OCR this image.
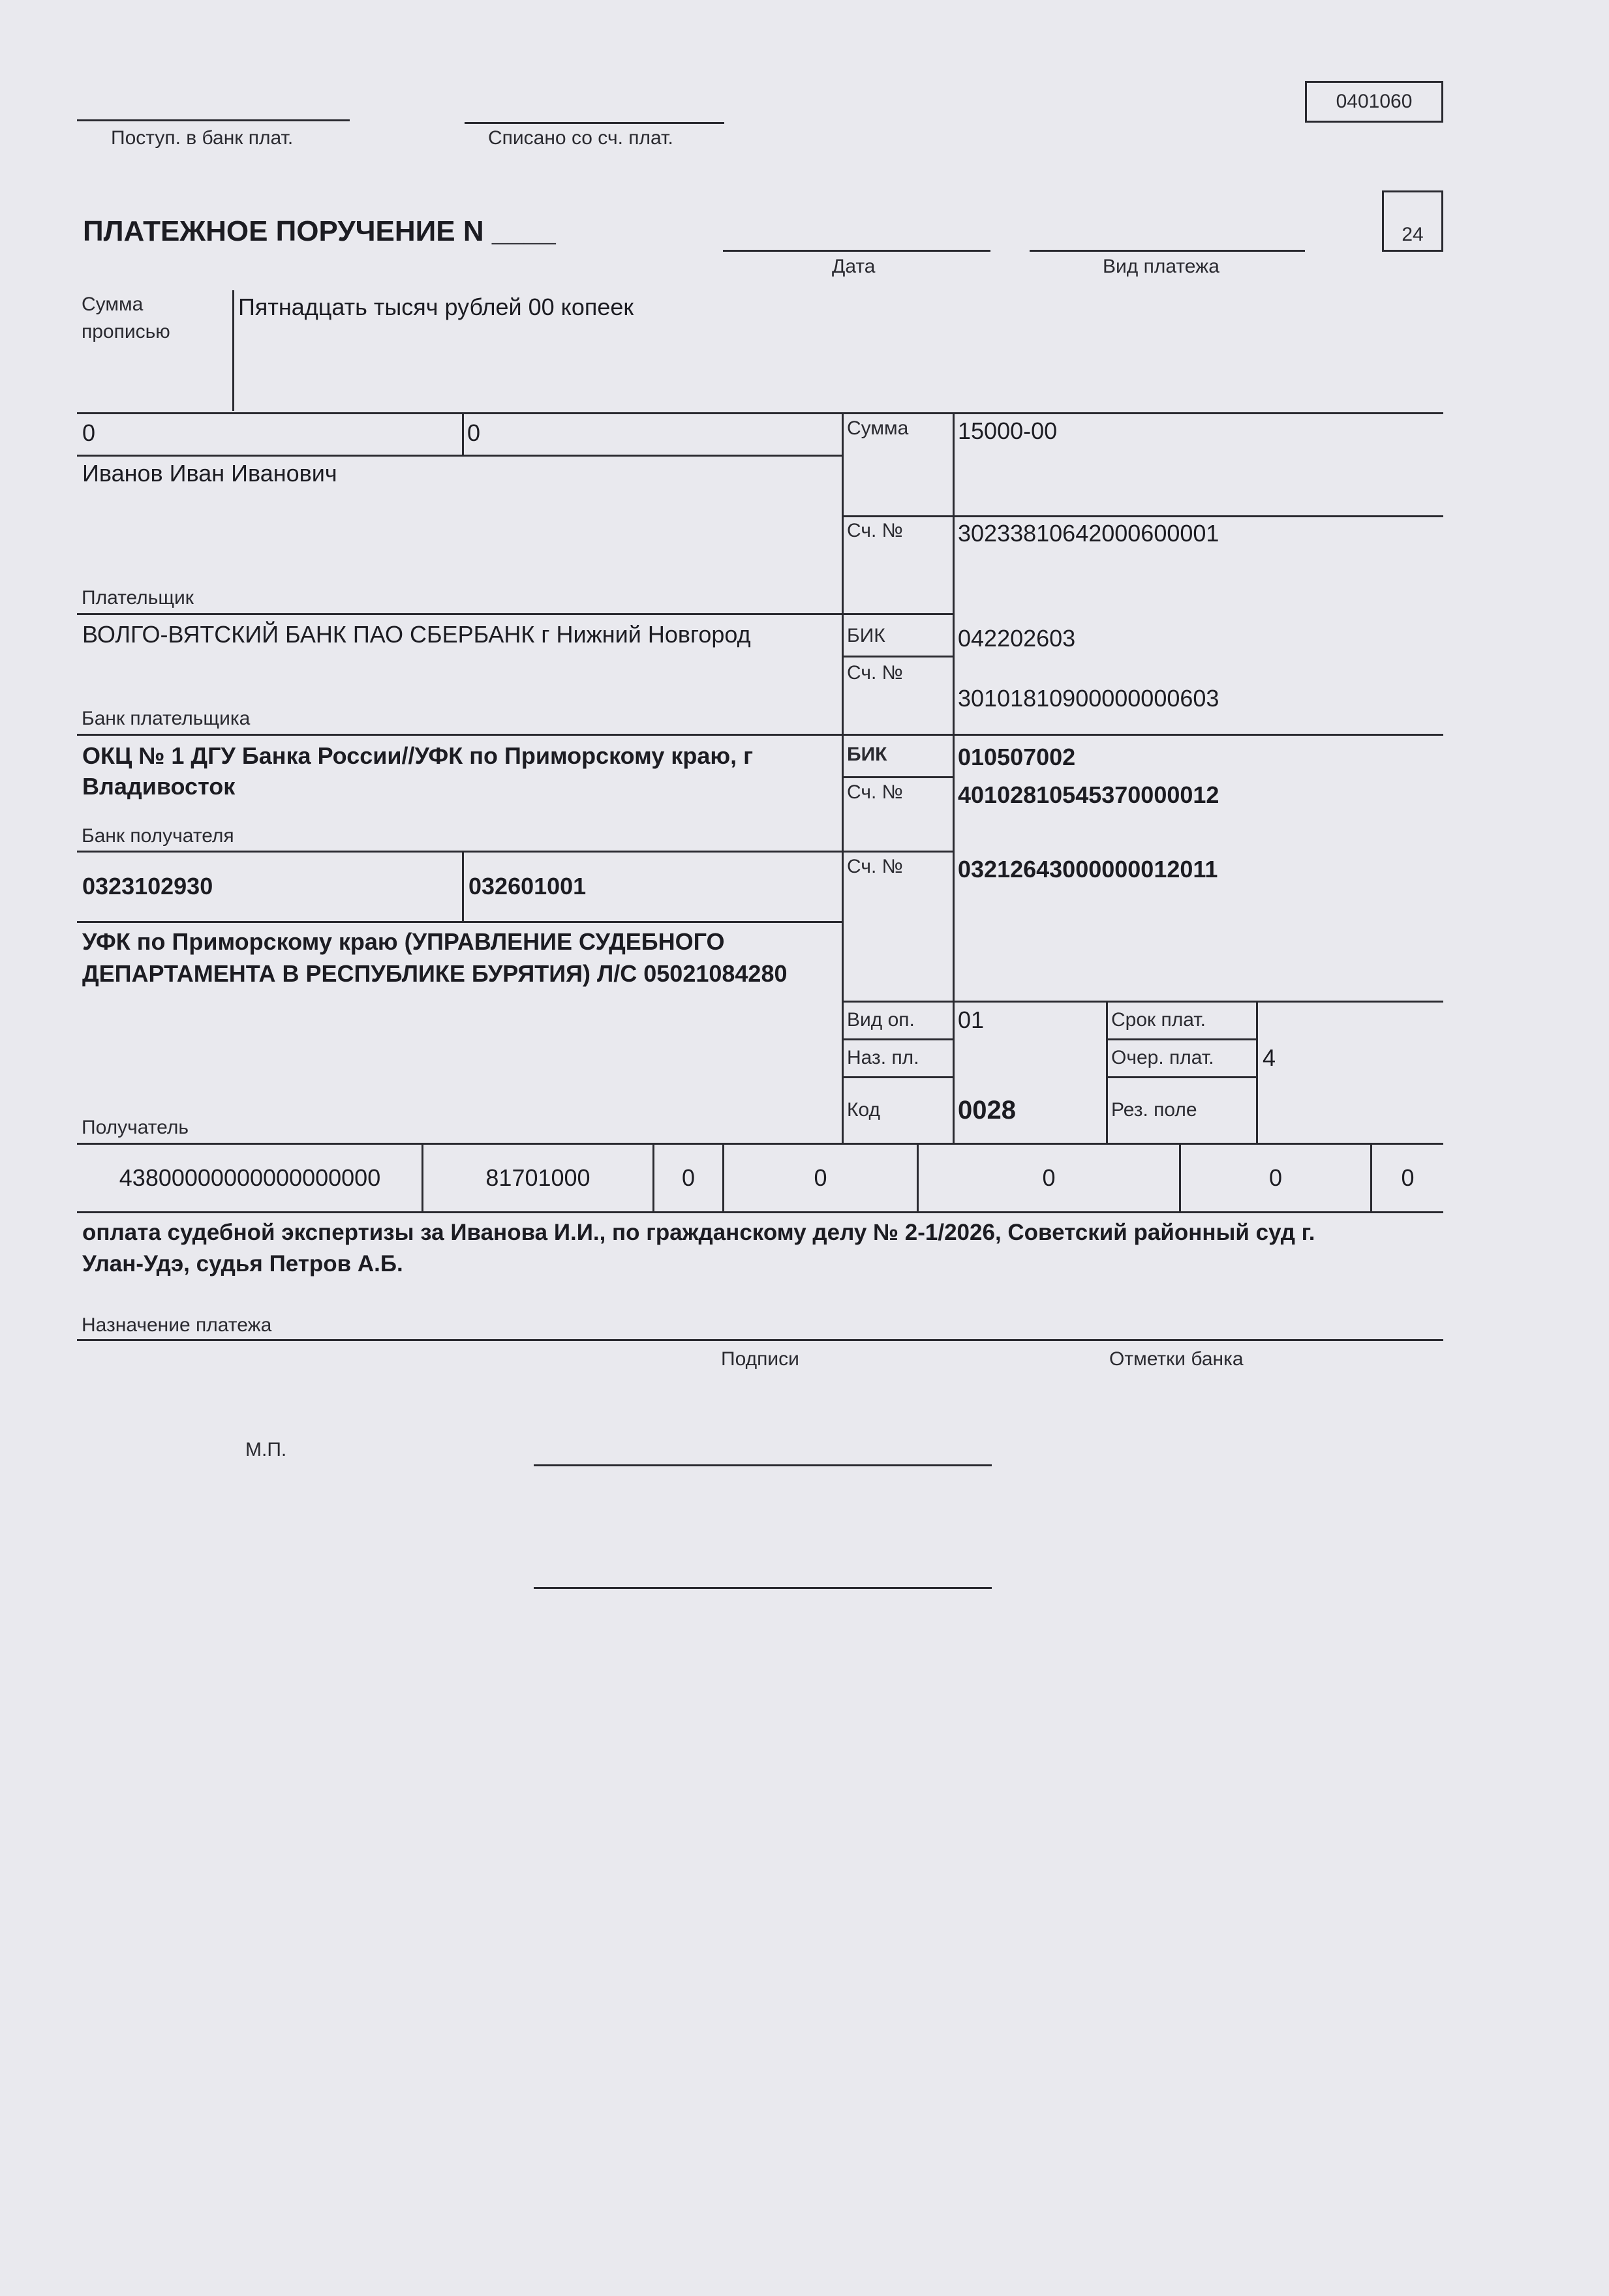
Поступ. в банк плат.	Списано со сч. плат.
0401060
ПЛАТЕЖНОЕ ПОРУЧЕНИЕ N ____
Дата	Вид платежа
24
Сумма
прописью
Пятнадцать тысяч рублей 00 копеек
0	0
Иванов Иван Иванович
Плательщик
ВОЛГО-ВЯТСКИЙ БАНК ПАО СБЕРБАНК г Нижний Новгород
Банк плательщика
ОКЦ № 1 ДГУ Банка России//УФК по Приморскому краю, г
Владивосток
Банк получателя
0323102930	032601001
УФК по Приморскому краю (УПРАВЛЕНИЕ СУДЕБНОГО
ДЕПАРТАМЕНТА В РЕСПУБЛИКЕ БУРЯТИЯ) Л/С 05021084280
Получатель
Сумма 15000-00
Сч. № 30233810642000600001
БИК	042202603
Сч. №
30101810900000000603
БИК	010507002
Сч. № 40102810545370000012
Сч. № 03212643000000012011
Вид оп. 01	Срок плат.
Наз. пл.	Очер. плат. 4
Код	0028	Рез. поле
43800000000000000000	81701000	0	0	0	0	0
оплата судебной экспертизы за Иванова И.И., по гражданскому делу № 2-1/2026, Советский районный суд г.
Улан-Удэ, судья Петров А.Б.
Назначение платежа
Подписи	Отметки банка
М.П.
